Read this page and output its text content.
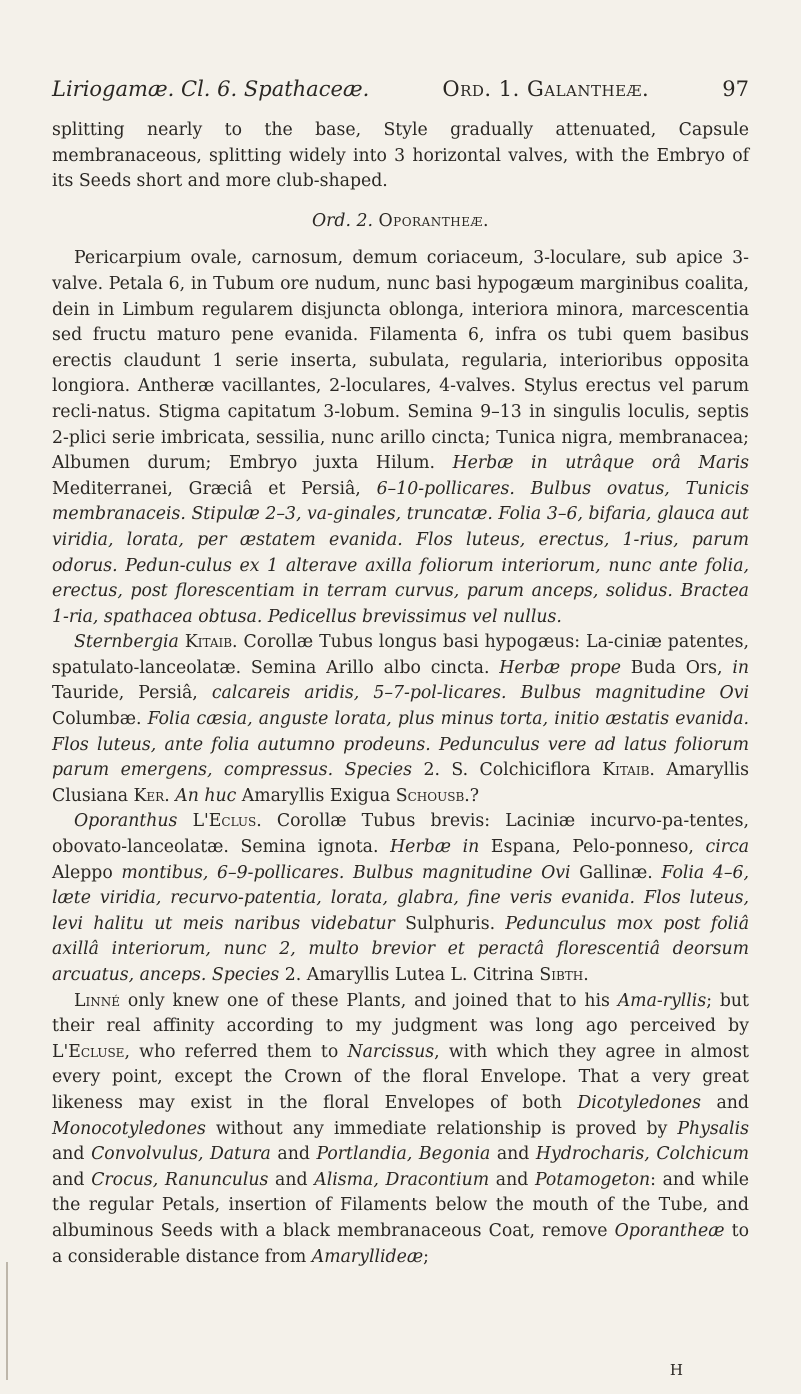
Liriogamæ. Cl. 6. Spathaceæ.	Ord. 1. Galantheæ.	97

splitting nearly to the base, Style gradually attenuated, Capsule membranaceous, splitting widely into 3 horizontal valves, with the Embryo of its Seeds short and more club-shaped.

Ord. 2. Oporantheæ.

Pericarpium ovale, carnosum, demum coriaceum, 3-loculare, sub apice 3-valve. Petala 6, in Tubum ore nudum, nunc basi hypogæum marginibus coalita, dein in Limbum regularem disjuncta oblonga, interiora minora, marcescentia sed fructu maturo pene evanida. Filamenta 6, infra os tubi quem basibus erectis claudunt 1 serie inserta, subulata, regularia, interioribus opposita longiora. Antheræ vacillantes, 2-loculares, 4-valves. Stylus erectus vel parum recli-natus. Stigma capitatum 3-lobum. Semina 9–13 in singulis loculis, septis 2-plici serie imbricata, sessilia, nunc arillo cincta; Tunica nigra, membranacea; Albumen durum; Embryo juxta Hilum. Herbæ in utrâque orâ Maris Mediterranei, Græciâ et Persiâ, 6–10-pollicares. Bulbus ovatus, Tunicis membranaceis. Stipulæ 2–3, va-ginales, truncatæ. Folia 3–6, bifaria, glauca aut viridia, lorata, per æstatem evanida. Flos luteus, erectus, 1-rius, parum odorus. Pedun-culus ex 1 alterave axilla foliorum interiorum, nunc ante folia, erectus, post florescentiam in terram curvus, parum anceps, solidus. Bractea 1-ria, spathacea obtusa. Pedicellus brevissimus vel nullus.

Sternbergia Kitaib. Corollæ Tubus longus basi hypogæus: La-ciniæ patentes, spatulato-lanceolatæ. Semina Arillo albo cincta. Herbæ prope Buda Ors, in Tauride, Persiâ, calcareis aridis, 5–7-pol-licares. Bulbus magnitudine Ovi Columbæ. Folia cæsia, anguste lorata, plus minus torta, initio æstatis evanida. Flos luteus, ante folia autumno prodeuns. Pedunculus vere ad latus foliorum parum emergens, compressus. Species 2. S. Colchiciflora Kitaib. Amaryllis Clusiana Ker. An huc Amaryllis Exigua Schousb.?

Oporanthus L'Eclus. Corollæ Tubus brevis: Laciniæ incurvo-pa-tentes, obovato-lanceolatæ. Semina ignota. Herbæ in Espana, Pelo-ponneso, circa Aleppo montibus, 6–9-pollicares. Bulbus magnitudine Ovi Gallinæ. Folia 4–6, læte viridia, recurvo-patentia, lorata, glabra, fine veris evanida. Flos luteus, levi halitu ut meis naribus videbatur Sulphuris. Pedunculus mox post foliâ axillâ interiorum, nunc 2, multo brevior et peractâ florescentiâ deorsum arcuatus, anceps. Species 2. Amaryllis Lutea L. Citrina Sibth.

Linné only knew one of these Plants, and joined that to his Ama-ryllis; but their real affinity according to my judgment was long ago perceived by L'Ecluse, who referred them to Narcissus, with which they agree in almost every point, except the Crown of the floral Envelope. That a very great likeness may exist in the floral Envelopes of both Dicotyledones and Monocotyledones without any immediate relationship is proved by Physalis and Convolvulus, Datura and Portlandia, Begonia and Hydrocharis, Colchicum and Crocus, Ranunculus and Alisma, Dracontium and Potamogeton: and while the regular Petals, insertion of Filaments below the mouth of the Tube, and albuminous Seeds with a black membranaceous Coat, remove Oporantheæ to a considerable distance from Amaryllideæ;

H
